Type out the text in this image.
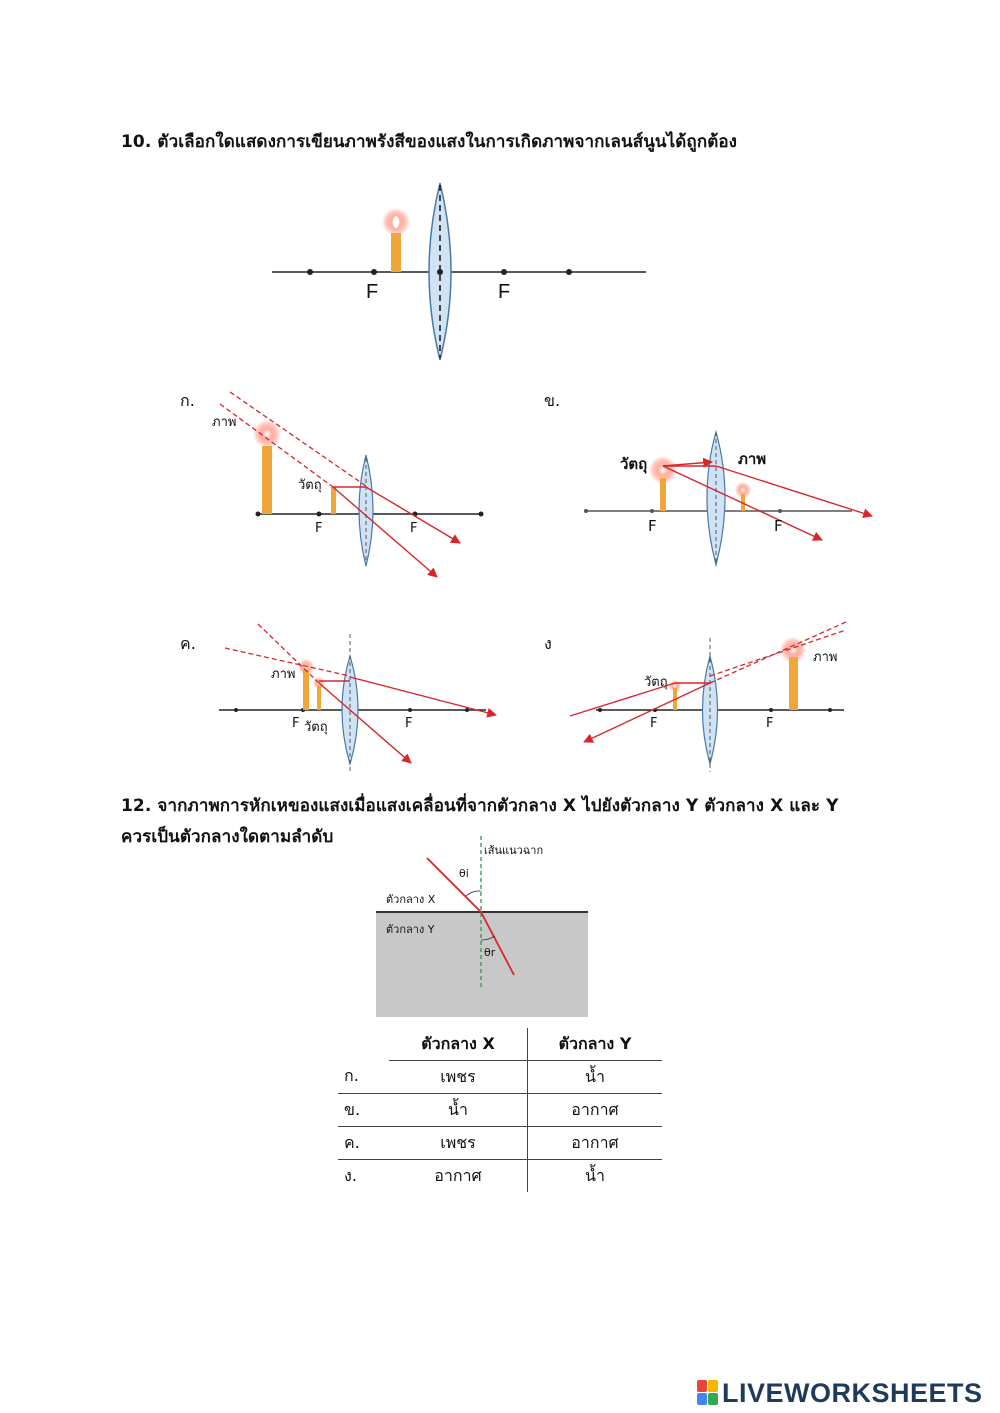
10. ตัวเลือกใดแสดงการเขียนภาพรังสีของแสงในการเกิดภาพจากเลนส์นูนได้ถูกต้อง
F	F
ก.
ภาพ
วัตถุ
F	F
ข.
วัตถุ	ภาพ
F	F
ค.
ภาพ
F วัตถุ	F
ง
วัตถุ
ภาพ
F	F
12. จากภาพการหักเหของแสงเมื่อแสงเคลื่อนที่จากตัวกลาง X ไปยังตัวกลาง Y ตัวกลาง X และ Y
ควรเป็นตัวกลางใดตามลำดับ
เส้นแนวฉาก
ตัวกลาง X
ตัวกลาง Y
θi
θr
	ตัวกลาง X	ตัวกลาง Y
ก.	เพชร	น้ำ
ข.	น้ำ	อากาศ
ค.	เพชร	อากาศ
ง.	อากาศ	น้ำ
LIVEWORKSHEETS
